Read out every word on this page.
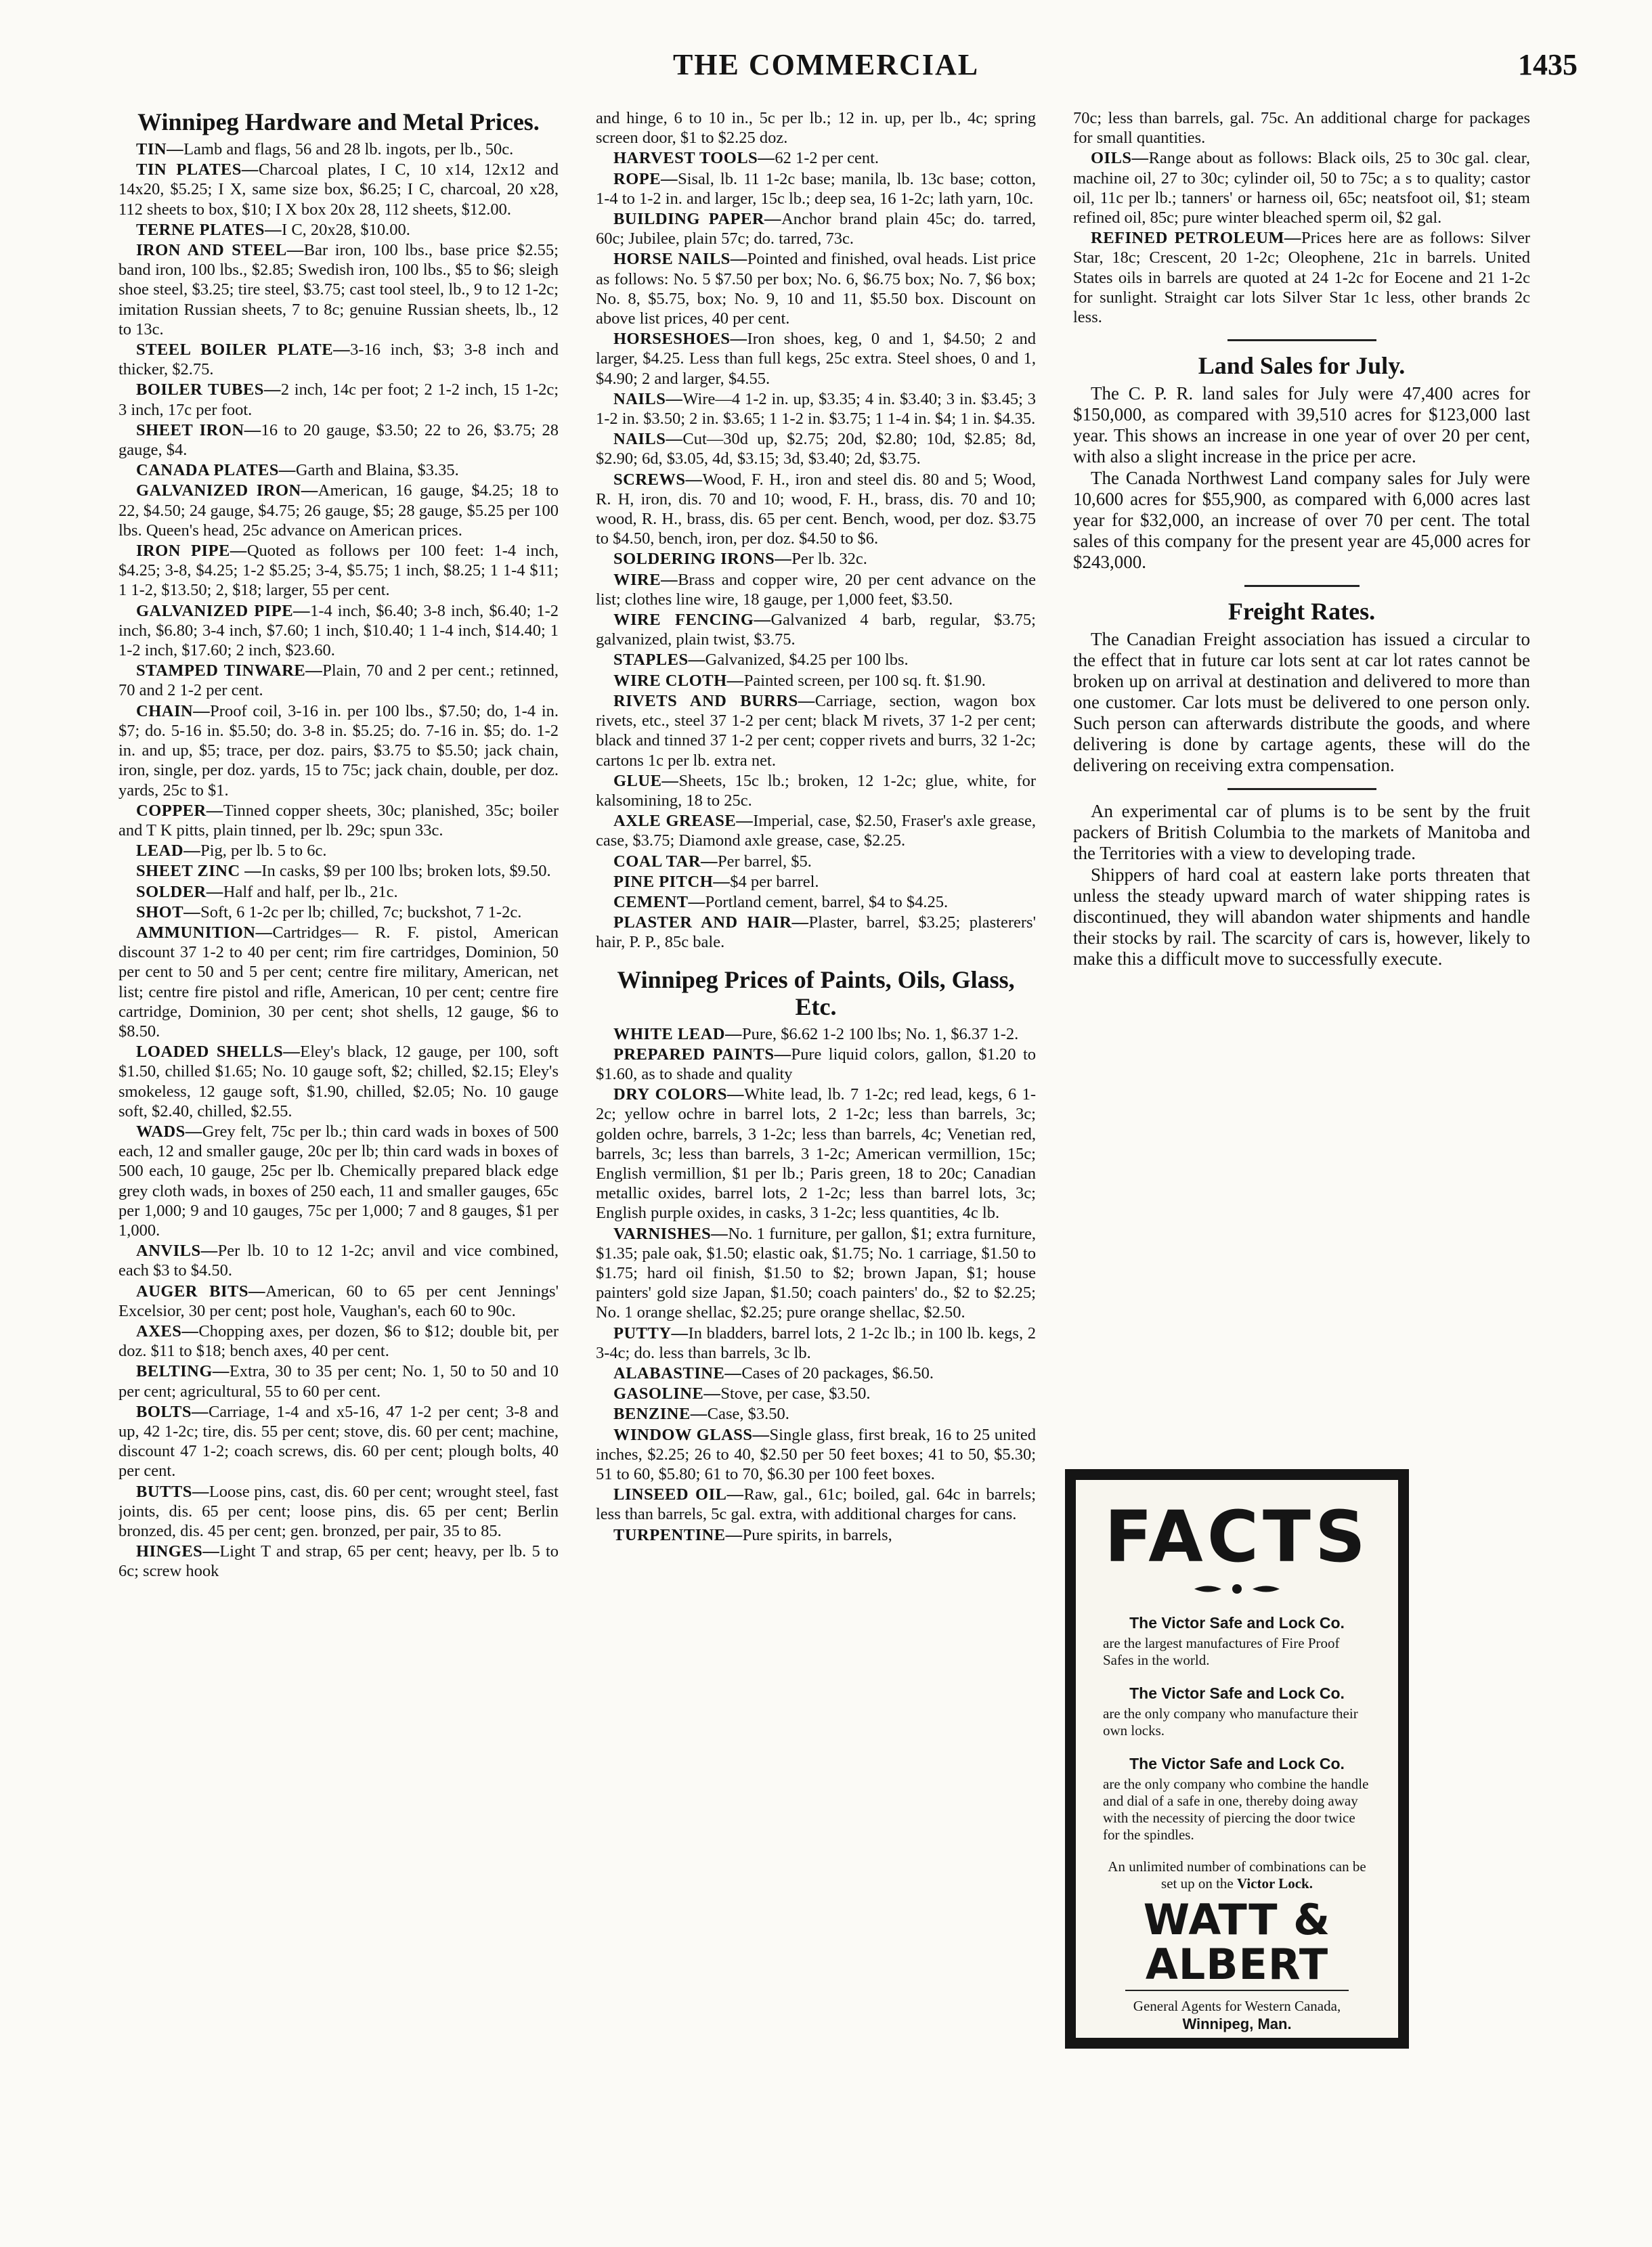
THE COMMERCIAL	1435
Winnipeg Hardware and Metal Prices.

TIN—Lamb and flags, 56 and 28 lb. ingots, per lb., 50c.

TIN PLATES—Charcoal plates, I C, 10 x14, 12x12 and 14x20, $5.25; I X, same size box, $6.25; I C, charcoal, 20 x28, 112 sheets to box, $10; I X box 20x 28, 112 sheets, $12.00.

TERNE PLATES—I C, 20x28, $10.00.

IRON AND STEEL—Bar iron, 100 lbs., base price $2.55; band iron, 100 lbs., $2.85; Swedish iron, 100 lbs., $5 to $6; sleigh shoe steel, $3.25; tire steel, $3.75; cast tool steel, lb., 9 to 12 1-2c; imitation Russian sheets, 7 to 8c; genuine Russian sheets, lb., 12 to 13c.

STEEL BOILER PLATE—3-16 inch, $3; 3-8 inch and thicker, $2.75.

BOILER TUBES—2 inch, 14c per foot; 2 1-2 inch, 15 1-2c; 3 inch, 17c per foot.

SHEET IRON—16 to 20 gauge, $3.50; 22 to 26, $3.75; 28 gauge, $4.

CANADA PLATES—Garth and Blaina, $3.35.

GALVANIZED IRON—American, 16 gauge, $4.25; 18 to 22, $4.50; 24 gauge, $4.75; 26 gauge, $5; 28 gauge, $5.25 per 100 lbs. Queen's head, 25c advance on American prices.

IRON PIPE—Quoted as follows per 100 feet: 1-4 inch, $4.25; 3-8, $4.25; 1-2 $5.25; 3-4, $5.75; 1 inch, $8.25; 1 1-4 $11; 1 1-2, $13.50; 2, $18; larger, 55 per cent.

GALVANIZED PIPE—1-4 inch, $6.40; 3-8 inch, $6.40; 1-2 inch, $6.80; 3-4 inch, $7.60; 1 inch, $10.40; 1 1-4 inch, $14.40; 1 1-2 inch, $17.60; 2 inch, $23.60.

STAMPED TINWARE—Plain, 70 and 2 per cent.; retinned, 70 and 2 1-2 per cent.

CHAIN—Proof coil, 3-16 in. per 100 lbs., $7.50; do, 1-4 in. $7; do. 5-16 in. $5.50; do. 3-8 in. $5.25; do. 7-16 in. $5; do. 1-2 in. and up, $5; trace, per doz. pairs, $3.75 to $5.50; jack chain, iron, single, per doz. yards, 15 to 75c; jack chain, double, per doz. yards, 25c to $1.

COPPER—Tinned copper sheets, 30c; planished, 35c; boiler and T K pitts, plain tinned, per lb. 29c; spun 33c.

LEAD—Pig, per lb. 5 to 6c.

SHEET ZINC —In casks, $9 per 100 lbs; broken lots, $9.50.

SOLDER—Half and half, per lb., 21c.

SHOT—Soft, 6 1-2c per lb; chilled, 7c; buckshot, 7 1-2c.

AMMUNITION—Cartridges— R. F. pistol, American discount 37 1-2 to 40 per cent; rim fire cartridges, Dominion, 50 per cent to 50 and 5 per cent; centre fire military, American, net list; centre fire pistol and rifle, American, 10 per cent; centre fire cartridge, Dominion, 30 per cent; shot shells, 12 gauge, $6 to $8.50.

LOADED SHELLS—Eley's black, 12 gauge, per 100, soft $1.50, chilled $1.65; No. 10 gauge soft, $2; chilled, $2.15; Eley's smokeless, 12 gauge soft, $1.90, chilled, $2.05; No. 10 gauge soft, $2.40, chilled, $2.55.

WADS—Grey felt, 75c per lb.; thin card wads in boxes of 500 each, 12 and smaller gauge, 20c per lb; thin card wads in boxes of 500 each, 10 gauge, 25c per lb. Chemically prepared black edge grey cloth wads, in boxes of 250 each, 11 and smaller gauges, 65c per 1,000; 9 and 10 gauges, 75c per 1,000; 7 and 8 gauges, $1 per 1,000.

ANVILS—Per lb. 10 to 12 1-2c; anvil and vice combined, each $3 to $4.50.

AUGER BITS—American, 60 to 65 per cent Jennings' Excelsior, 30 per cent; post hole, Vaughan's, each 60 to 90c.

AXES—Chopping axes, per dozen, $6 to $12; double bit, per doz. $11 to $18; bench axes, 40 per cent.

BELTING—Extra, 30 to 35 per cent; No. 1, 50 to 50 and 10 per cent; agricultural, 55 to 60 per cent.

BOLTS—Carriage, 1-4 and x5-16, 47 1-2 per cent; 3-8 and up, 42 1-2c; tire, dis. 55 per cent; stove, dis. 60 per cent; machine, discount 47 1-2; coach screws, dis. 60 per cent; plough bolts, 40 per cent.

BUTTS—Loose pins, cast, dis. 60 per cent; wrought steel, fast joints, dis. 65 per cent; loose pins, dis. 65 per cent; Berlin bronzed, dis. 45 per cent; gen. bronzed, per pair, 35 to 85.

HINGES—Light T and strap, 65 per cent; heavy, per lb. 5 to 6c; screw hook

and hinge, 6 to 10 in., 5c per lb.; 12 in. up, per lb., 4c; spring screen door, $1 to $2.25 doz.

HARVEST TOOLS—62 1-2 per cent.

ROPE—Sisal, lb. 11 1-2c base; manila, lb. 13c base; cotton, 1-4 to 1-2 in. and larger, 15c lb.; deep sea, 16 1-2c; lath yarn, 10c.

BUILDING PAPER—Anchor brand plain 45c; do. tarred, 60c; Jubilee, plain 57c; do. tarred, 73c.

HORSE NAILS—Pointed and finished, oval heads. List price as follows: No. 5 $7.50 per box; No. 6, $6.75 box; No. 7, $6 box; No. 8, $5.75, box; No. 9, 10 and 11, $5.50 box. Discount on above list prices, 40 per cent.

HORSESHOES—Iron shoes, keg, 0 and 1, $4.50; 2 and larger, $4.25. Less than full kegs, 25c extra. Steel shoes, 0 and 1, $4.90; 2 and larger, $4.55.

NAILS—Wire—4 1-2 in. up, $3.35; 4 in. $3.40; 3 in. $3.45; 3 1-2 in. $3.50; 2 in. $3.65; 1 1-2 in. $3.75; 1 1-4 in. $4; 1 in. $4.35.

NAILS—Cut—30d up, $2.75; 20d, $2.80; 10d, $2.85; 8d, $2.90; 6d, $3.05, 4d, $3.15; 3d, $3.40; 2d, $3.75.

SCREWS—Wood, F. H., iron and steel dis. 80 and 5; Wood, R. H, iron, dis. 70 and 10; wood, F. H., brass, dis. 70 and 10; wood, R. H., brass, dis. 65 per cent. Bench, wood, per doz. $3.75 to $4.50, bench, iron, per doz. $4.50 to $6.

SOLDERING IRONS—Per lb. 32c.

WIRE—Brass and copper wire, 20 per cent advance on the list; clothes line wire, 18 gauge, per 1,000 feet, $3.50.

WIRE FENCING—Galvanized 4 barb, regular, $3.75; galvanized, plain twist, $3.75.

STAPLES—Galvanized, $4.25 per 100 lbs.

WIRE CLOTH—Painted screen, per 100 sq. ft. $1.90.

RIVETS AND BURRS—Carriage, section, wagon box rivets, etc., steel 37 1-2 per cent; black M rivets, 37 1-2 per cent; black and tinned 37 1-2 per cent; copper rivets and burrs, 32 1-2c; cartons 1c per lb. extra net.

GLUE—Sheets, 15c lb.; broken, 12 1-2c; glue, white, for kalsomining, 18 to 25c.

AXLE GREASE—Imperial, case, $2.50, Fraser's axle grease, case, $3.75; Diamond axle grease, case, $2.25.

COAL TAR—Per barrel, $5.

PINE PITCH—$4 per barrel.

CEMENT—Portland cement, barrel, $4 to $4.25.

PLASTER AND HAIR—Plaster, barrel, $3.25; plasterers' hair, P. P., 85c bale.

Winnipeg Prices of Paints, Oils, Glass, Etc.

WHITE LEAD—Pure, $6.62 1-2 100 lbs; No. 1, $6.37 1-2.

PREPARED PAINTS—Pure liquid colors, gallon, $1.20 to $1.60, as to shade and quality

DRY COLORS—White lead, lb. 7 1-2c; red lead, kegs, 6 1-2c; yellow ochre in barrel lots, 2 1-2c; less than barrels, 3c; golden ochre, barrels, 3 1-2c; less than barrels, 4c; Venetian red, barrels, 3c; less than barrels, 3 1-2c; American vermillion, 15c; English vermillion, $1 per lb.; Paris green, 18 to 20c; Canadian metallic oxides, barrel lots, 2 1-2c; less than barrel lots, 3c; English purple oxides, in casks, 3 1-2c; less quantities, 4c lb.

VARNISHES—No. 1 furniture, per gallon, $1; extra furniture, $1.35; pale oak, $1.50; elastic oak, $1.75; No. 1 carriage, $1.50 to $1.75; hard oil finish, $1.50 to $2; brown Japan, $1; house painters' gold size Japan, $1.50; coach painters' do., $2 to $2.25; No. 1 orange shellac, $2.25; pure orange shellac, $2.50.

PUTTY—In bladders, barrel lots, 2 1-2c lb.; in 100 lb. kegs, 2 3-4c; do. less than barrels, 3c lb.

ALABASTINE—Cases of 20 packages, $6.50.

GASOLINE—Stove, per case, $3.50.

BENZINE—Case, $3.50.

WINDOW GLASS—Single glass, first break, 16 to 25 united inches, $2.25; 26 to 40, $2.50 per 50 feet boxes; 41 to 50, $5.30; 51 to 60, $5.80; 61 to 70, $6.30 per 100 feet boxes.

LINSEED OIL—Raw, gal., 61c; boiled, gal. 64c in barrels; less than barrels, 5c gal. extra, with additional charges for cans.

TURPENTINE—Pure spirits, in barrels,

70c; less than barrels, gal. 75c. An additional charge for packages for small quantities.

OILS—Range about as follows: Black oils, 25 to 30c gal. clear, machine oil, 27 to 30c; cylinder oil, 50 to 75c; a s to quality; castor oil, 11c per lb.; tanners' or harness oil, 65c; neatsfoot oil, $1; steam refined oil, 85c; pure winter bleached sperm oil, $2 gal.

REFINED PETROLEUM—Prices here are as follows: Silver Star, 18c; Crescent, 20 1-2c; Oleophene, 21c in barrels. United States oils in barrels are quoted at 24 1-2c for Eocene and 21 1-2c for sunlight. Straight car lots Silver Star 1c less, other brands 2c less.

Land Sales for July.

The C. P. R. land sales for July were 47,400 acres for $150,000, as compared with 39,510 acres for $123,000 last year. This shows an increase in one year of over 20 per cent, with also a slight increase in the price per acre.

The Canada Northwest Land company sales for July were 10,600 acres for $55,900, as compared with 6,000 acres last year for $32,000, an increase of over 70 per cent. The total sales of this company for the present year are 45,000 acres for $243,000.

Freight Rates.

The Canadian Freight association has issued a circular to the effect that in future car lots sent at car lot rates cannot be broken up on arrival at destination and delivered to more than one customer. Car lots must be delivered to one person only. Such person can afterwards distribute the goods, and where delivering is done by cartage agents, these will do the delivering on receiving extra compensation.

An experimental car of plums is to be sent by the fruit packers of British Columbia to the markets of Manitoba and the Territories with a view to developing trade.

Shippers of hard coal at eastern lake ports threaten that unless the steady upward march of water shipping rates is discontinued, they will abandon water shipments and handle their stocks by rail. The scarcity of cars is, however, likely to make this a difficult move to successfully execute.

FACTS
The Victor Safe and Lock Co.
are the largest manufactures of Fire Proof Safes in the world.
The Victor Safe and Lock Co.
are the only company who manufacture their own locks.
The Victor Safe and Lock Co.
are the only company who combine the handle and dial of a safe in one, thereby doing away with the necessity of piercing the door twice for the spindles.
An unlimited number of combinations can be set up on the Victor Lock.
WATT & ALBERT
General Agents for Western Canada,
Winnipeg, Man.
